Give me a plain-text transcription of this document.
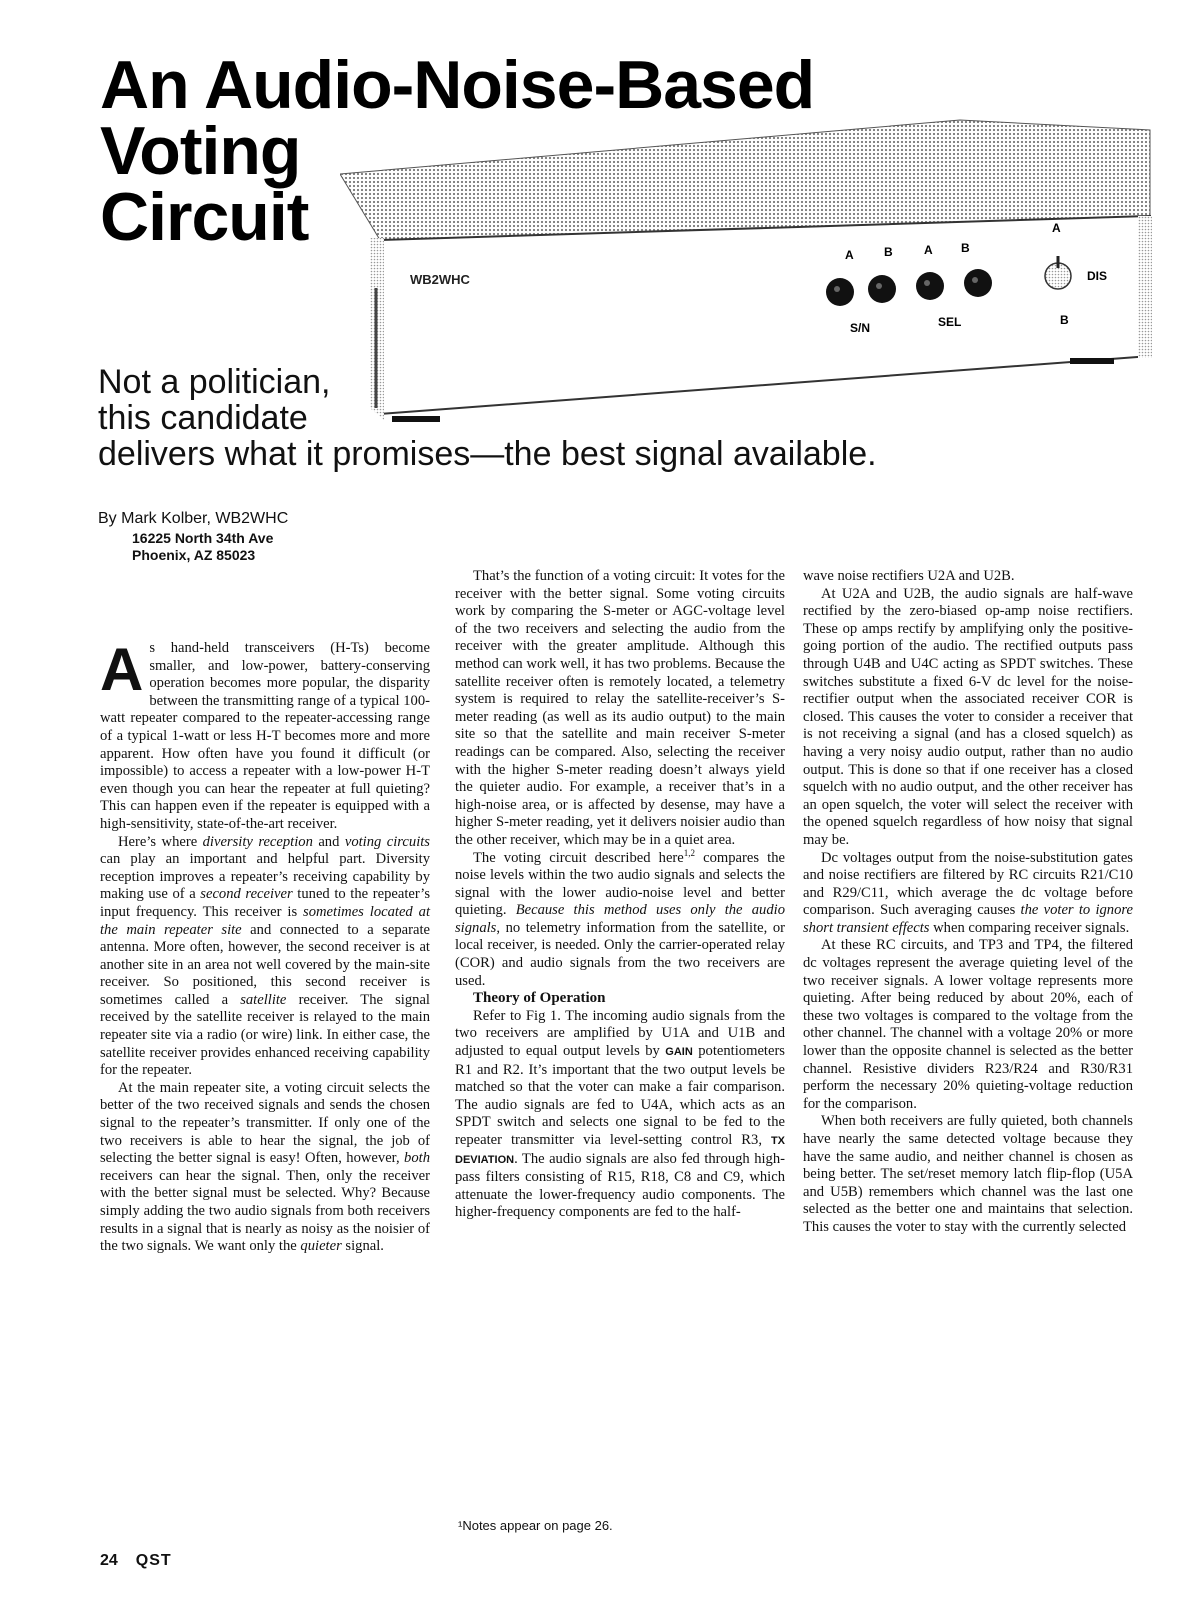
An Audio-Noise-Based
Voting
Circuit
WB2WHC
A	B	A B
S/N	SEL
A
DIS
B
Not a politician,
this candidate
delivers what it promises—the best signal available.
By Mark Kolber, WB2WHC
16225 North 34th Ave
Phoenix, AZ 85023

As hand-held transceivers (H-Ts) become smaller, and low-power, battery-conserving operation becomes more popular, the disparity between the transmitting range of a typical 100-watt repeater compared to the repeater-accessing range of a typical 1-watt or less H-T becomes more and more apparent. How often have you found it difficult (or impossible) to access a repeater with a low-power H-T even though you can hear the repeater at full quieting? This can happen even if the repeater is equipped with a high-sensitivity, state-of-the-art receiver.

Here’s where diversity reception and voting circuits can play an important and helpful part. Diversity reception improves a repeater’s receiving capability by making use of a second receiver tuned to the repeater’s input frequency. This receiver is sometimes located at the main repeater site and connected to a separate antenna. More often, however, the second receiver is at another site in an area not well covered by the main-site receiver. So positioned, this second receiver is sometimes called a satellite receiver. The signal received by the satellite receiver is relayed to the main repeater site via a radio (or wire) link. In either case, the satellite receiver provides enhanced receiving capability for the repeater.

At the main repeater site, a voting circuit selects the better of the two received signals and sends the chosen signal to the repeater’s transmitter. If only one of the two receivers is able to hear the signal, the job of selecting the better signal is easy! Often, however, both receivers can hear the signal. Then, only the receiver with the better signal must be selected. Why? Because simply adding the two audio signals from both receivers results in a signal that is nearly as noisy as the noisier of the two signals. We want only the quieter signal.

That’s the function of a voting circuit: It votes for the receiver with the better signal. Some voting circuits work by comparing the S-meter or AGC-voltage level of the two receivers and selecting the audio from the receiver with the greater amplitude. Although this method can work well, it has two problems. Because the satellite receiver often is remotely located, a telemetry system is required to relay the satellite-receiver’s S-meter reading (as well as its audio output) to the main site so that the satellite and main receiver S-meter readings can be compared. Also, selecting the receiver with the higher S-meter reading doesn’t always yield the quieter audio. For example, a receiver that’s in a high-noise area, or is affected by desense, may have a higher S-meter reading, yet it delivers noisier audio than the other receiver, which may be in a quiet area.

The voting circuit described here$^{1,2}$ compares the noise levels within the two audio signals and selects the signal with the lower audio-noise level and better quieting. Because this method uses only the audio signals, no telemetry information from the satellite, or local receiver, is needed. Only the carrier-operated relay (COR) and audio signals from the two receivers are used.

Theory of Operation

Refer to Fig 1. The incoming audio signals from the two receivers are amplified by U1A and U1B and adjusted to equal output levels by GAIN potentiometers R1 and R2. It’s important that the two output levels be matched so that the voter can make a fair comparison. The audio signals are fed to U4A, which acts as an SPDT switch and selects one signal to be fed to the repeater transmitter via level-setting control R3, TX DEVIATION. The audio signals are also fed through high-pass filters consisting of R15, R18, C8 and C9, which attenuate the lower-frequency audio components. The higher-frequency components are fed to the half-

wave noise rectifiers U2A and U2B.

At U2A and U2B, the audio signals are half-wave rectified by the zero-biased op-amp noise rectifiers. These op amps rectify by amplifying only the positive-going portion of the audio. The rectified outputs pass through U4B and U4C acting as SPDT switches. These switches substitute a fixed 6-V dc level for the noise-rectifier output when the associated receiver COR is closed. This causes the voter to consider a receiver that is not receiving a signal (and has a closed squelch) as having a very noisy audio output, rather than no audio output. This is done so that if one receiver has a closed squelch with no audio output, and the other receiver has an open squelch, the voter will select the receiver with the opened squelch regardless of how noisy that signal may be.

Dc voltages output from the noise-substitution gates and noise rectifiers are filtered by RC circuits R21/C10 and R29/C11, which average the dc voltage before comparison. Such averaging causes the voter to ignore short transient effects when comparing receiver signals.

At these RC circuits, and TP3 and TP4, the filtered dc voltages represent the average quieting level of the two receiver signals. A lower voltage represents more quieting. After being reduced by about 20%, each of these two voltages is compared to the voltage from the other channel. The channel with a voltage 20% or more lower than the opposite channel is selected as the better channel. Resistive dividers R23/R24 and R30/R31 perform the necessary 20% quieting-voltage reduction for the comparison.

When both receivers are fully quieted, both channels have nearly the same detected voltage because they have the same audio, and neither channel is chosen as being better. The set/reset memory latch flip-flop (U5A and U5B) remembers which channel was the last one selected as the better one and maintains that selection. This causes the voter to stay with the currently selected

¹Notes appear on page 26.
24 QST
